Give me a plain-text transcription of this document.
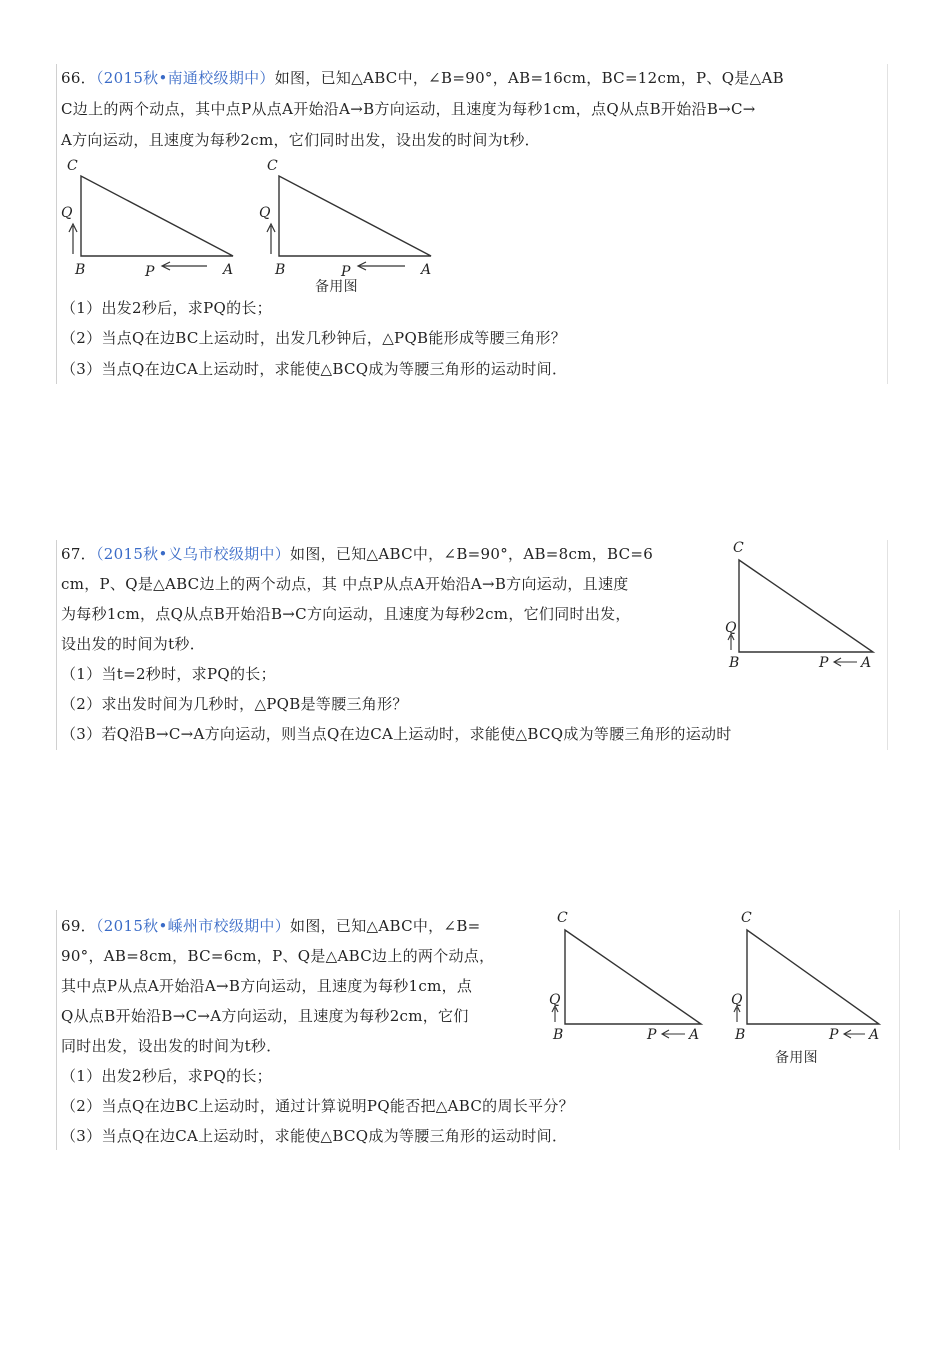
66．（2015秋•南通校级期中）如图，已知△ABC中，∠B=90°，AB=16cm，BC=12cm，P、Q是△AB
C边上的两个动点，其中点P从点A开始沿A→B方向运动，且速度为每秒1cm，点Q从点B开始沿B→C→
A方向运动，且速度为每秒2cm，它们同时出发，设出发的时间为t秒．
C
Q
B	P	A
C
Q
B	P	A
备用图
（1）出发2秒后，求PQ的长；
（2）当点Q在边BC上运动时，出发几秒钟后，△PQB能形成等腰三角形？
（3）当点Q在边CA上运动时，求能使△BCQ成为等腰三角形的运动时间．
67．（2015秋•义乌市校级期中）如图，已知△ABC中，∠B=90°，AB=8cm，BC=6
cm，P、Q是△ABC边上的两个动点，其 中点P从点A开始沿A→B方向运动，且速度
为每秒1cm，点Q从点B开始沿B→C方向运动，且速度为每秒2cm，它们同时出发，
设出发的时间为t秒．
C
Q
B	P A
（1）当t=2秒时，求PQ的长；
（2）求出发时间为几秒时，△PQB是等腰三角形？
（3）若Q沿B→C→A方向运动，则当点Q在边CA上运动时，求能使△BCQ成为等腰三角形的运动时
69．（2015秋•嵊州市校级期中）如图，已知△ABC中，∠B=
90°，AB=8cm，BC=6cm，P、Q是△ABC边上的两个动点，
其中点P从点A开始沿A→B方向运动，且速度为每秒1cm，点
Q从点B开始沿B→C→A方向运动，且速度为每秒2cm，它们
同时出发，设出发的时间为t秒．
C
Q
B	P A
C
Q
B	P A
备用图
（1）出发2秒后，求PQ的长；
（2）当点Q在边BC上运动时，通过计算说明PQ能否把△ABC的周长平分？
（3）当点Q在边CA上运动时，求能使△BCQ成为等腰三角形的运动时间．
